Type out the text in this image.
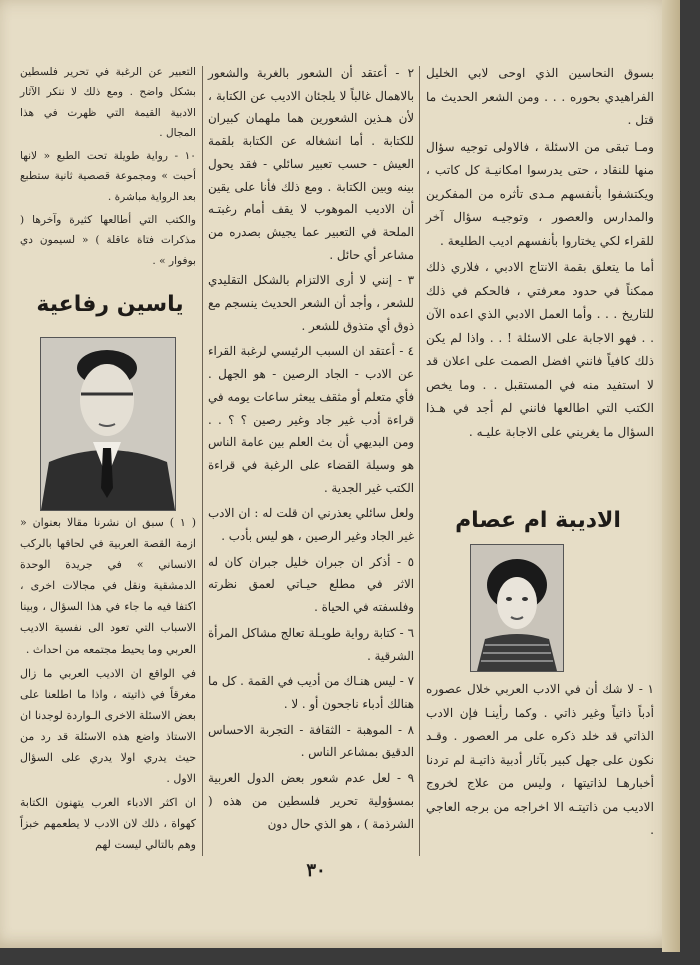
بسوق النحاسين الذي اوحى لابي الخليل الفراهيدي بحوره . . . ومن الشعر الحديث ما قتل .

ومـا تبقى من الاسئلة ، فالاولى توجيه سؤال منها للنقاد ، حتى يدرسوا امكانيـة كل كاتب ، ويكتشفوا بأنفسهم مـدى تأثره من المفكرين والمدارس والعصور ، وتوجيـه سؤال آخر للقراء لكي يختاروا بأنفسهم اديب الطليعة .

أما ما يتعلق بقمة الانتاج الادبي ، فلاري ذلك ممكناً في حدود معرفتي ، فالحكم في ذلك للتاريخ . . . وأما العمل الادبي الذي اعده الآن . . فهو الاجابة على الاسئلة ! . . واذا لم يكن ذلك كافياً فانني افضل الصمت على اعلان قد لا استفيد منه في المستقبل . . وما يخص الكتب التي اطالعها فانني لم أجد في هـذا السؤال ما يغريني على الاجابة عليـه .

الاديبة ام عصام

١ - لا شك أن في الادب العربي خلال عصوره أدباً ذاتياً وغير ذاتي . وكما رأينـا فإن الادب الذاتي قد خلد ذكره على مر العصور . وقـد نكون على جهل كبير بآثار أدبية ذاتيـة لم تردنا أخبارهـا لذاتيتها ، وليس من علاج لخروج الاديب من ذاتيتـه الا اخراجه من برجه العاجي .

٢ - أعتقد أن الشعور بالغربة والشعور بالاهمال غالباً لا يلجئان الاديب عن الكتابة ، لأن هـذين الشعورين هما ملهمان كبيران للكتابة . أما انشغاله عن الكتابة بلقمة العيش - حسب تعبير سائلي - فقد يحول بينه وبين الكتابة . ومع ذلك فأنا على يقين أن الاديب الموهوب لا يقف أمام رغبتـه الملحة في التعبير عما يجيش بصدره من مشاعر أي حائل .

٣ - إنني لا أرى الالتزام بالشكل التقليدي للشعر ، وأجد أن الشعر الحديث ينسجم مع ذوق أي متذوق للشعر .

٤ - أعتقد ان السبب الرئيسي لرغبة القراء عن الادب - الجاد الرصين - هو الجهل . فأي متعلم أو مثقف يبعثر ساعات يومه في قراءة أدب غير جاد وغير رصين ؟ ؟ . . ومن البديهي أن بث العلم بين عامة الناس هو وسيلة القضاء على الرغبة في قراءة الكتب غير الجدية .

ولعل سائلي يعذرني ان قلت له : ان الادب غير الجاد وغير الرصين ، هو ليس بأدب .

٥ - أذكر ان جبران خليل جبران كان له الاثر في مطلع حيـاتي لعمق نظرته وفلسفته في الحياة .

٦ - كتابة رواية طويـلة تعالج مشاكل المرأة الشرقية .

٧ - ليس هنـاك من أديب في القمة . كل ما هنالك أدباء ناجحون أو . لا .

٨ - الموهبة - الثقافة - التجربة الاحساس الدقيق بمشاعر الناس .

٩ - لعل عدم شعور بعض الدول العربية بمسؤولية تحرير فلسطين من هذه ( الشرذمة ) ، هو الذي حال دون

التعبير عن الرغبة في تحرير فلسطين بشكل واضح . ومع ذلك لا ننكر الآثار الادبية القيمة التي ظهرت في هذا المجال .

١٠ - رواية طويلة تحت الطبع « لانها أحبت » ومجموعة قصصية ثانية ستطبع بعد الرواية مباشرة .

والكتب التي أطالعها كثيرة وآخرها ( مذكرات فتاة عاقلة ) « لسيمون دي بوفوار » .

ياسين رفاعية

( ١ ) سبق ان نشرنا مقالا بعنوان « ازمة القصة العربية في لحاقها بالركب الانساني » في جريدة الوحدة الدمشقية ونقل في مجالات اخرى ، اكتفا فيه ما جاء في هذا السؤال ، وبينا الاسباب التي تعود الى نفسية الاديب العربي وما يحيط مجتمعه من احداث .

في الواقع ان الاديب العربي ما زال مغرقاً في ذاتيته ، واذا ما اطلعنا على بعض الاسئلة الاخرى الـواردة لوجدنا ان الاستاذ واضع هذه الاسئلة قد رد من حيث يدري اولا يدري على السؤال الاول .

ان اكثر الادباء العرب يتهنون الكتابة كهواة ، ذلك لان الادب لا يطعمهم خبزاً وهم بالتالي ليست لهم

٣٠
